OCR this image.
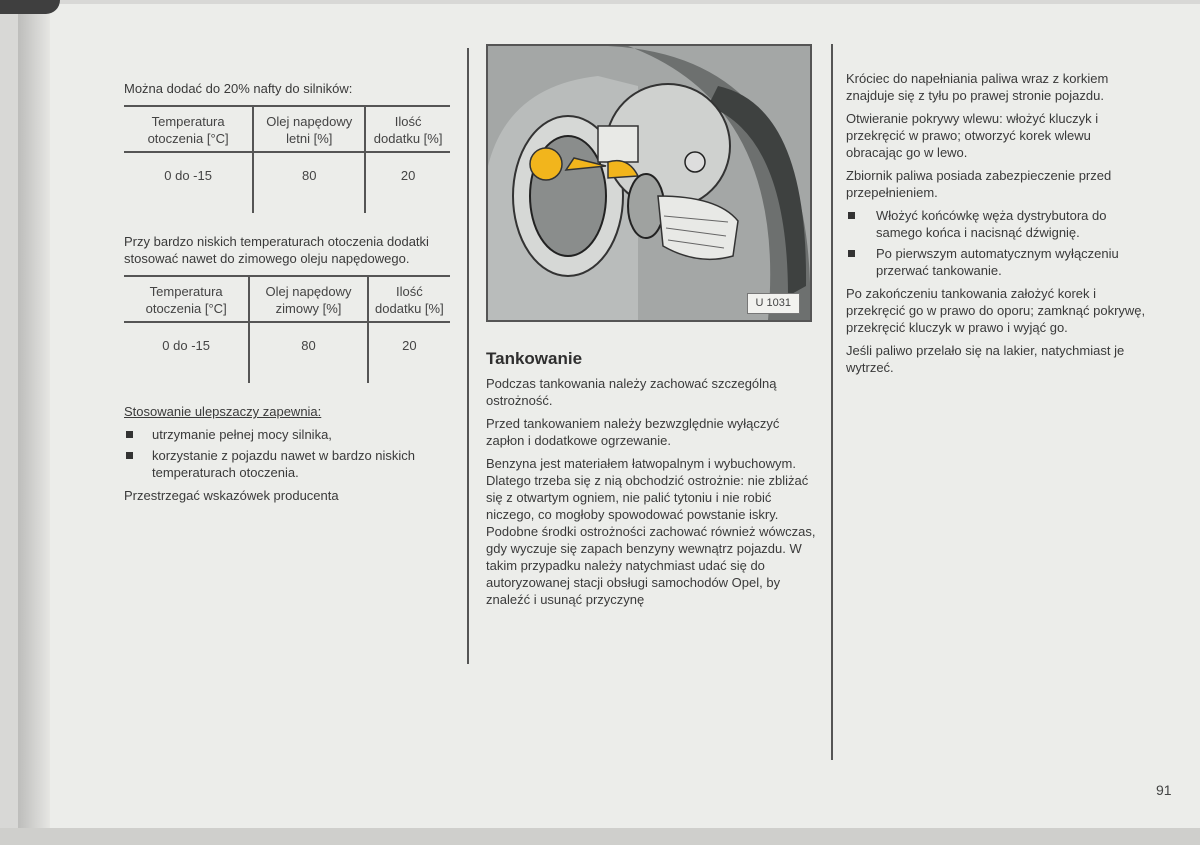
Można dodać do 20% nafty do silników:

Temperatura otoczenia [°C]	Olej napędowy letni [%]	Ilość dodatku [%]
0 do -15	80	20

Przy bardzo niskich temperaturach otoczenia dodatki stosować nawet do zimowego oleju napędowego.

Temperatura otoczenia [°C]	Olej napędowy zimowy [%]	Ilość dodatku [%]
0 do -15	80	20

Stosowanie ulepszaczy zapewnia:

utrzymanie pełnej mocy silnika,
korzystanie z pojazdu nawet w bardzo niskich temperaturach otoczenia.

Przestrzegać wskazówek producenta

U 1031
Tankowanie

Podczas tankowania należy zachować szczególną ostrożność.

Przed tankowaniem należy bezwzględnie wyłączyć zapłon i dodatkowe ogrzewanie.

Benzyna jest materiałem łatwopalnym i wybuchowym. Dlatego trzeba się z nią obchodzić ostrożnie: nie zbliżać się z otwartym ogniem, nie palić tytoniu i nie robić niczego, co mogłoby spowodować powstanie iskry. Podobne środki ostrożności zachować również wówczas, gdy wyczuje się zapach benzyny wewnątrz pojazdu. W takim przypadku należy natychmiast udać się do autoryzowanej stacji obsługi samochodów Opel, by znaleźć i usunąć przyczynę

Króciec do napełniania paliwa wraz z korkiem znajduje się z tyłu po prawej stronie pojazdu.

Otwieranie pokrywy wlewu: włożyć kluczyk i przekręcić w prawo; otworzyć korek wlewu obracając go w lewo.

Zbiornik paliwa posiada zabezpieczenie przed przepełnieniem.

Włożyć końcówkę węża dystrybutora do samego końca i nacisnąć dźwignię.
Po pierwszym automatycznym wyłączeniu przerwać tankowanie.

Po zakończeniu tankowania założyć korek i przekręcić go w prawo do oporu; zamknąć pokrywę, przekręcić kluczyk w prawo i wyjąć go.

Jeśli paliwo przelało się na lakier, natychmiast je wytrzeć.

91
